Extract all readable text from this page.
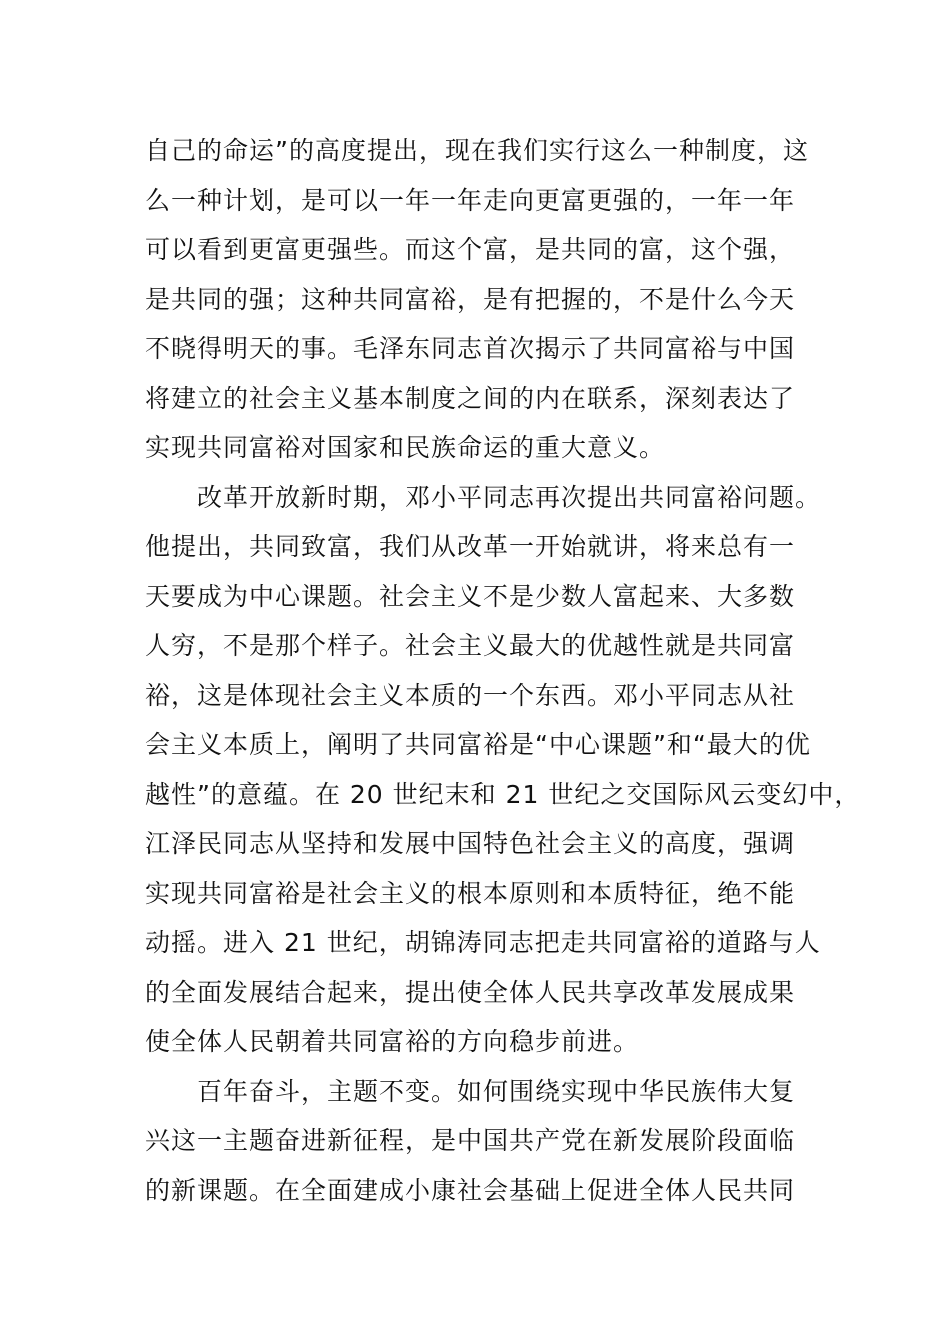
自己的命运”的高度提出，现在我们实行这么一种制度，这
么一种计划，是可以一年一年走向更富更强的，一年一年
可以看到更富更强些。而这个富，是共同的富，这个强，
是共同的强；这种共同富裕，是有把握的，不是什么今天
不晓得明天的事。毛泽东同志首次揭示了共同富裕与中国
将建立的社会主义基本制度之间的内在联系，深刻表达了
实现共同富裕对国家和民族命运的重大意义。
改革开放新时期，邓小平同志再次提出共同富裕问题。
他提出，共同致富，我们从改革一开始就讲，将来总有一
天要成为中心课题。社会主义不是少数人富起来、大多数
人穷，不是那个样子。社会主义最大的优越性就是共同富
裕，这是体现社会主义本质的一个东西。邓小平同志从社
会主义本质上，阐明了共同富裕是“中心课题”和“最大的优
越性”的意蕴。在 20 世纪末和 21 世纪之交国际风云变幻中，
江泽民同志从坚持和发展中国特色社会主义的高度，强调
实现共同富裕是社会主义的根本原则和本质特征，绝不能
动摇。进入 21 世纪，胡锦涛同志把走共同富裕的道路与人
的全面发展结合起来，提出使全体人民共享改革发展成果
使全体人民朝着共同富裕的方向稳步前进。
百年奋斗，主题不变。如何围绕实现中华民族伟大复
兴这一主题奋进新征程，是中国共产党在新发展阶段面临
的新课题。在全面建成小康社会基础上促进全体人民共同
